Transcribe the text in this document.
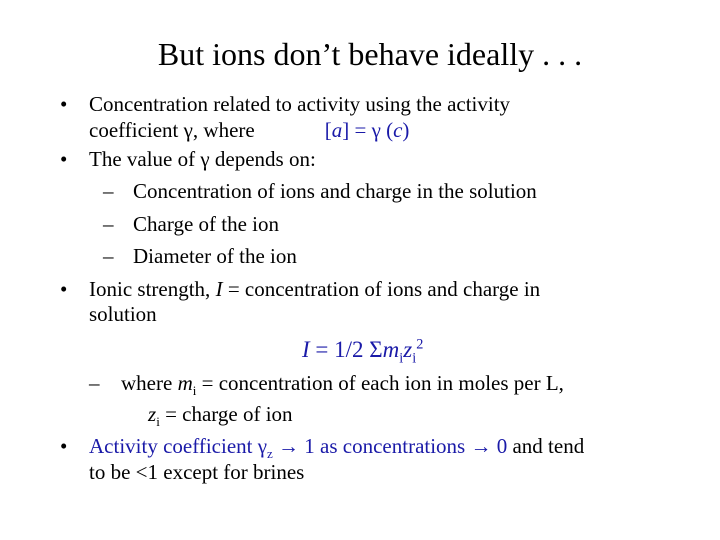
But ions don’t behave ideally . . .
• Concentration related to activity using the activity
coefficient γ, where	[a] = γ (c)
• The value of γ depends on:
– Concentration of ions and charge in the solution
– Charge of the ion
– Diameter of the ion
• Ionic strength, I = concentration of ions and charge in
solution
I = 1/2 $\Sigma m_iz_i^2$
– where $m_i$ = concentration of each ion in moles per L,
$z_i$ = charge of ion
• Activity coefficient $\gamma_z \to 1$ as concentrations → 0 and tend
to be <1 except for brines
